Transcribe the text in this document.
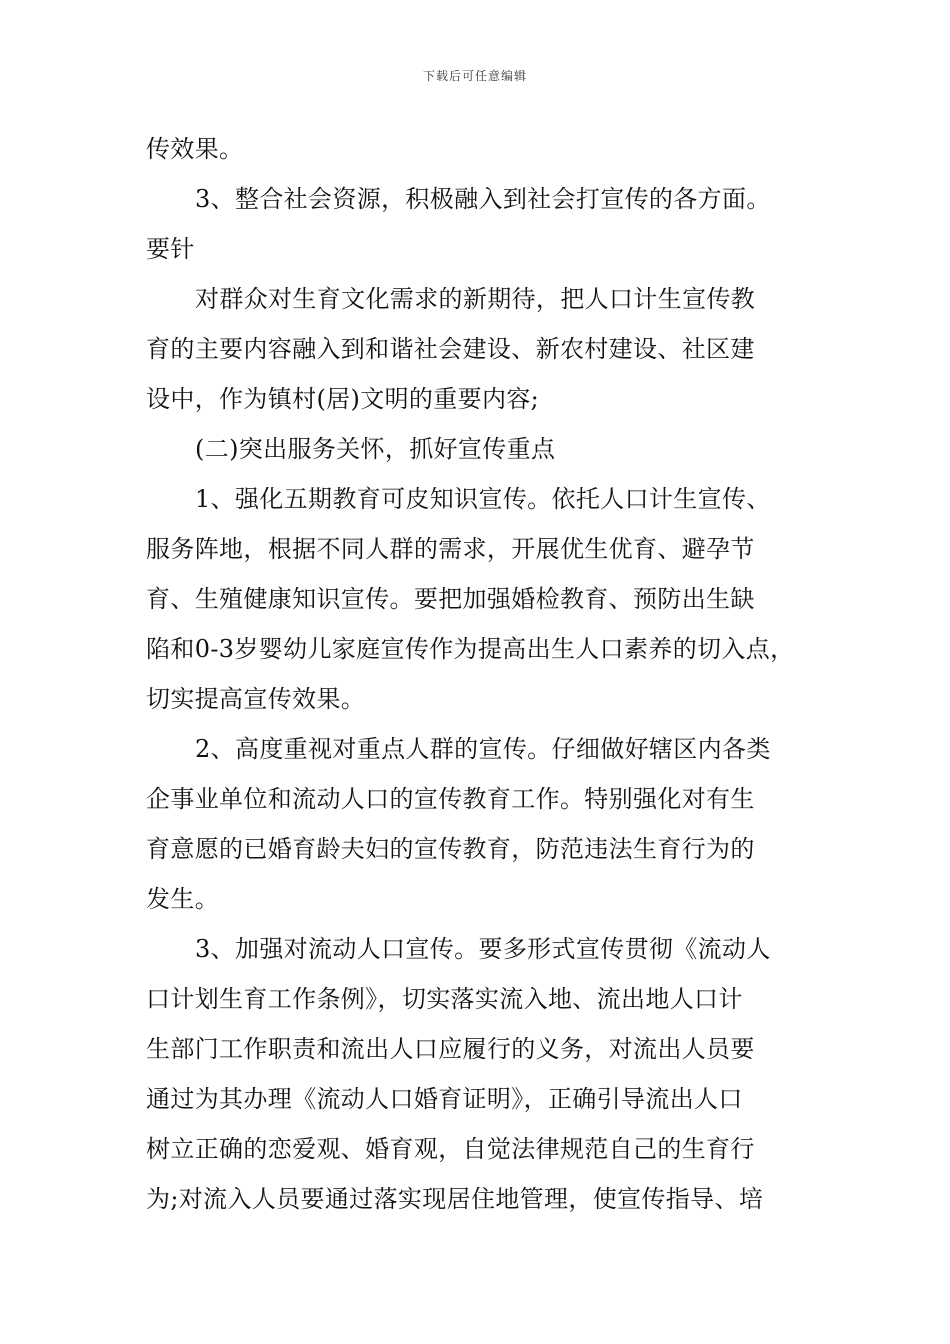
下载后可任意编辑
传效果。
3、整合社会资源，积极融入到社会打宣传的各方面。
要针
对群众对生育文化需求的新期待，把人口计生宣传教
育的主要内容融入到和谐社会建设、新农村建设、社区建
设中，作为镇村(居)文明的重要内容;
(二)突出服务关怀，抓好宣传重点
1、强化五期教育可皮知识宣传。依托人口计生宣传、
服务阵地，根据不同人群的需求，开展优生优育、避孕节
育、生殖健康知识宣传。要把加强婚检教育、预防出生缺
陷和0-3岁婴幼儿家庭宣传作为提高出生人口素养的切入点，
切实提高宣传效果。
2、高度重视对重点人群的宣传。仔细做好辖区内各类
企事业单位和流动人口的宣传教育工作。特别强化对有生
育意愿的已婚育龄夫妇的宣传教育，防范违法生育行为的
发生。
3、加强对流动人口宣传。要多形式宣传贯彻《流动人
口计划生育工作条例》，切实落实流入地、流出地人口计
生部门工作职责和流出人口应履行的义务，对流出人员要
通过为其办理《流动人口婚育证明》，正确引导流出人口
树立正确的恋爱观、婚育观，自觉法律规范自己的生育行
为;对流入人员要通过落实现居住地管理，使宣传指导、培
